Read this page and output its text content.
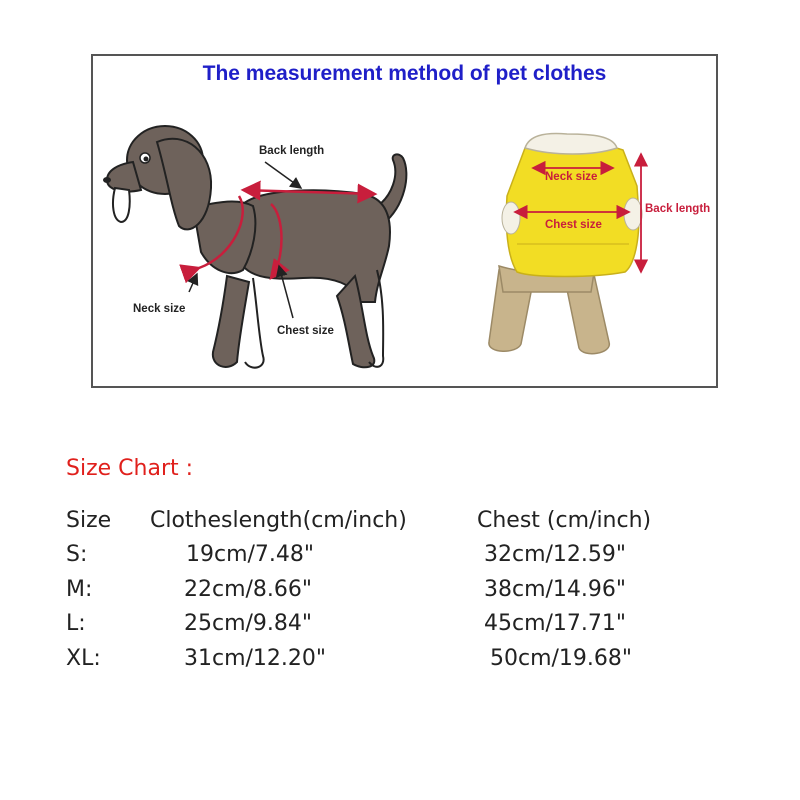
The measurement method of pet clothes
Back length
Neck size
Chest size
Neck size
Chest size
Back length
Size Chart :
Size Clotheslength(cm/inch)	Chest (cm/inch)
S:	19cm/7.48"	32cm/12.59"
M:	22cm/8.66"	38cm/14.96"
L:	25cm/9.84"	45cm/17.71"
XL:	31cm/12.20"	50cm/19.68"
